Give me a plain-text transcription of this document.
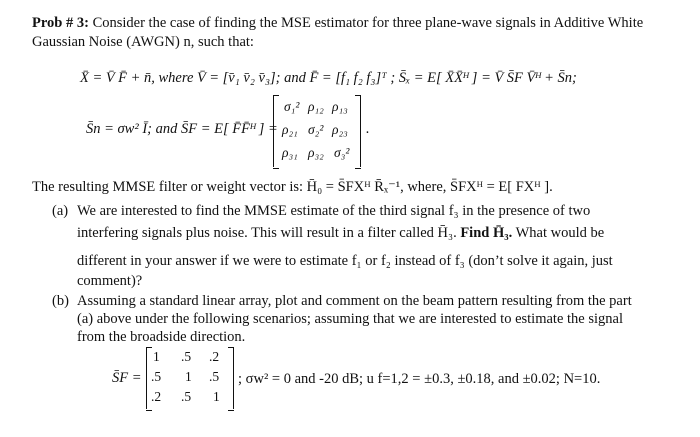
Prob # 3: Consider the case of finding the MSE estimator for three plane-wave signals in Additive White
Gaussian Noise (AWGN) n, such that:
X̄ = V̄ F̄ + n̄, where V̄ = [v̄₁ v̄₂ v̄₃]; and F̄ = [f₁ f₂ f₃]ᵀ ; S̄ₓ = E[ X̄X̄ᴴ ] = V̄ S̄F V̄ᴴ + S̄n;
S̄n = σw² Ī; and S̄F = E[ F̄F̄ᴴ ] =
σ₁² ρ₁₂ ρ₁₃
ρ₂₁ σ₂² ρ₂₃
ρ₃₁ ρ₃₂ σ₃²
.
The resulting MMSE filter or weight vector is: H̄₀ = S̄FXᴴ R̄ₓ⁻¹, where, S̄FXᴴ = E[ FXᴴ ].
(a) We are interested to find the MMSE estimate of the third signal f₃ in the presence of two
interfering signals plus noise. This will result in a filter called H̄₃. Find H̄₃. What would be
different in your answer if we were to estimate f₁ or f₂ instead of f₃ (don’t solve it again, just
comment)?
(b) Assuming a standard linear array, plot and comment on the beam pattern resulting from the part
(a) above under the following scenarios; assuming that we are interested to estimate the signal
from the broadside direction.
S̄F =
1 .5 .2
.5 1 .5
.2 .5 1
; σw² = 0 and -20 dB; u f=1,2 = ±0.3, ±0.18, and ±0.02; N=10.
